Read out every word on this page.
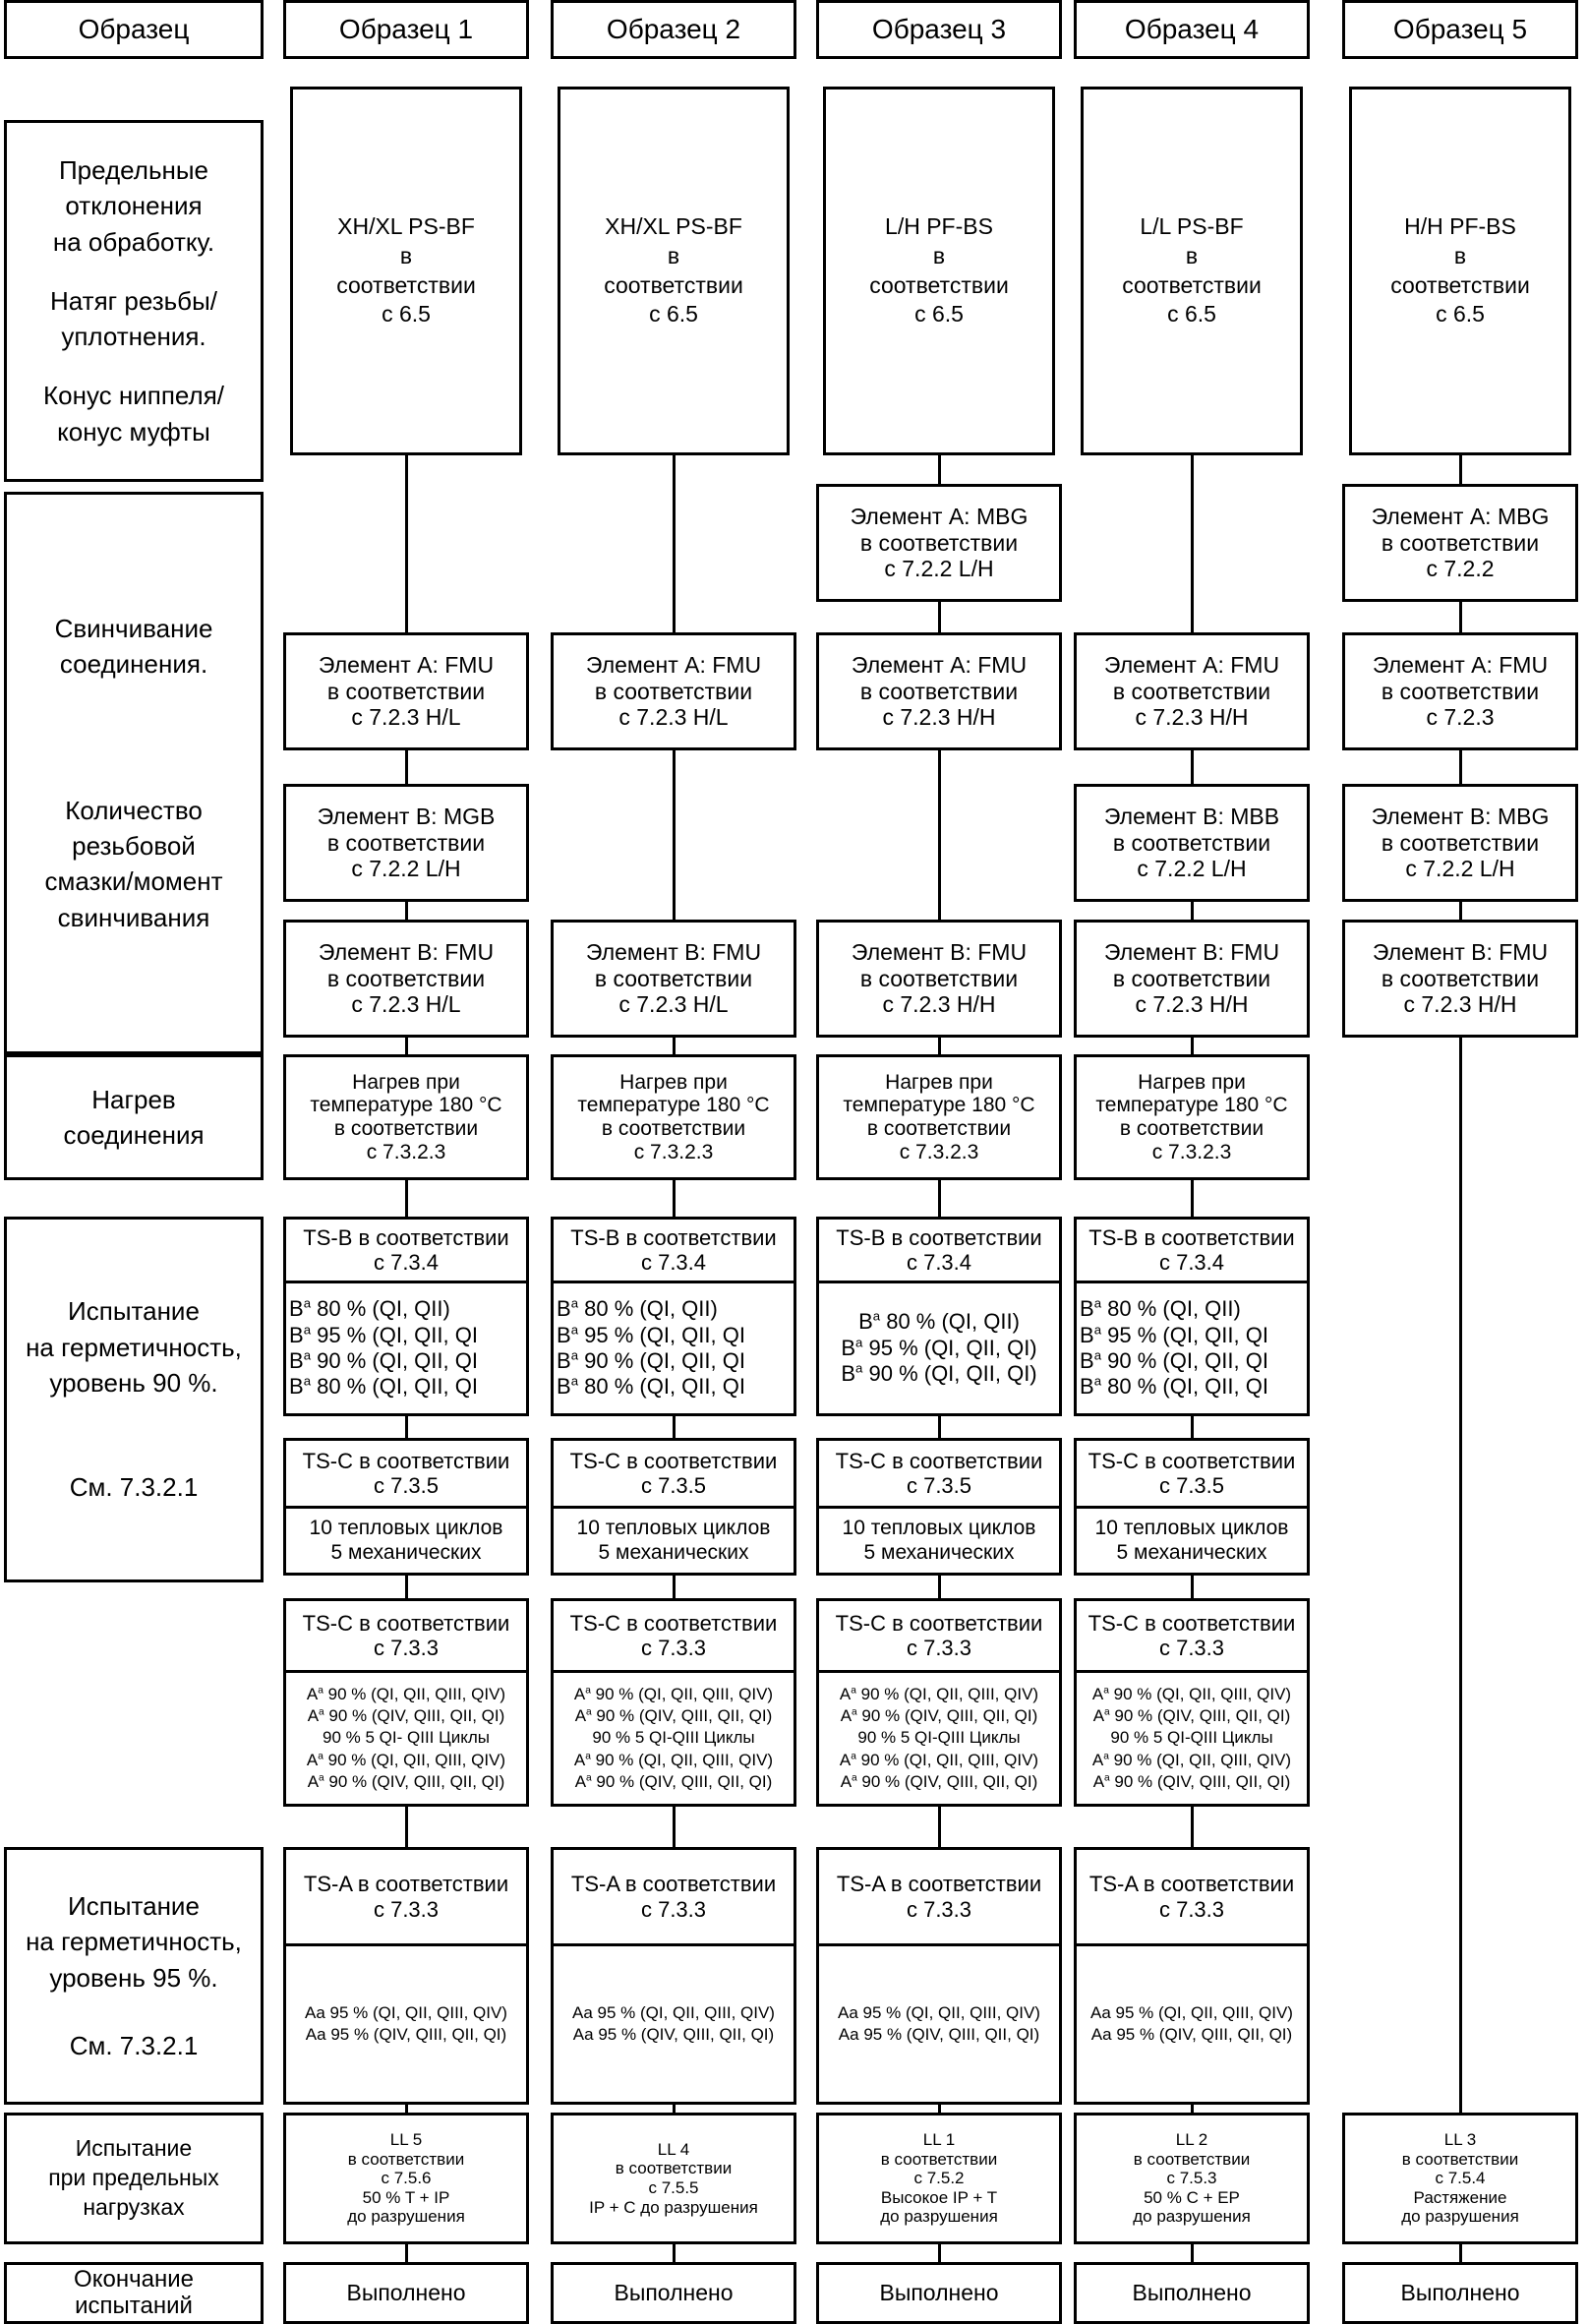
Образец	Образец 1	Образец 2	Образец 3	Образец 4	Образец 5
Предельные
отклонения
на обработку.
Натяг резьбы/
уплотнения.
Конус ниппеля/
конус муфты
Свинчивание
соединения.
Количество
резьбовой
смазки/момент
свинчивания
Нагрев
соединения
Испытание
на герметичность,
уровень 90 %.
См. 7.3.2.1
Испытание
на герметичность,
уровень 95 %.
См. 7.3.2.1
Испытание
при предельных
нагрузках
Окончание
испытаний
XH/XL PS-BF
в
соответствии
с 6.5
Элемент A: FMU
в соответствии
с 7.2.3 H/L
Элемент B: MGB
в соответствии
с 7.2.2 L/H
Элемент B: FMU
в соответствии
с 7.2.3 H/L
Нагрев при
температуре 180 °C
в соответствии
с 7.3.2.3
TS-B в соответствии
с 7.3.4
$B^a$ 80 % (QI, QII)
$B^a$ 95 % (QI, QII, QI
$B^a$ 90 % (QI, QII, QI
$B^a$ 80 % (QI, QII, QI
TS-C в соответствии
с 7.3.5
10 тепловых циклов
5 механических
TS-C в соответствии
с 7.3.3
$A^a$ 90 % (QI, QII, QIII, QIV)
$A^a$ 90 % (QIV, QIII, QII, QI)
90 % 5 QI- QIII Циклы
$A^a$ 90 % (QI, QII, QIII, QIV)
$A^a$ 90 % (QIV, QIII, QII, QI)
TS-A в соответствии
с 7.3.3
Aa 95 % (QI, QII, QIII, QIV)
Aa 95 % (QIV, QIII, QII, QI)
LL 5
в соответствии
с 7.5.6
50 % T + IP
до разрушения
Выполнено
XH/XL PS-BF
в
соответствии
с 6.5
Элемент A: FMU
в соответствии
с 7.2.3 H/L
Элемент B: FMU
в соответствии
с 7.2.3 H/L
Нагрев при
температуре 180 °C
в соответствии
с 7.3.2.3
TS-B в соответствии
с 7.3.4
$B^a$ 80 % (QI, QII)
$B^a$ 95 % (QI, QII, QI
$B^a$ 90 % (QI, QII, QI
$B^a$ 80 % (QI, QII, QI
TS-C в соответствии
с 7.3.5
10 тепловых циклов
5 механических
TS-C в соответствии
с 7.3.3
$A^a$ 90 % (QI, QII, QIII, QIV)
$A^a$ 90 % (QIV, QIII, QII, QI)
90 % 5 QI-QIII Циклы
$A^a$ 90 % (QI, QII, QIII, QIV)
$A^a$ 90 % (QIV, QIII, QII, QI)
TS-A в соответствии
с 7.3.3
Aa 95 % (QI, QII, QIII, QIV)
Aa 95 % (QIV, QIII, QII, QI)
LL 4
в соответствии
с 7.5.5
IP + C до разрушения
Выполнено
L/H PF-BS
в
соответствии
с 6.5
Элемент A: MBG
в соответствии
с 7.2.2 L/H
Элемент A: FMU
в соответствии
с 7.2.3 H/H
Элемент B: FMU
в соответствии
с 7.2.3 H/H
Нагрев при
температуре 180 °C
в соответствии
с 7.3.2.3
TS-B в соответствии
с 7.3.4
$B^a$ 80 % (QI, QII)
$B^a$ 95 % (QI, QII, QI)
$B^a$ 90 % (QI, QII, QI)
TS-C в соответствии
с 7.3.5
10 тепловых циклов
5 механических
TS-C в соответствии
с 7.3.3
$A^a$ 90 % (QI, QII, QIII, QIV)
$A^a$ 90 % (QIV, QIII, QII, QI)
90 % 5 QI-QIII Циклы
$A^a$ 90 % (QI, QII, QIII, QIV)
$A^a$ 90 % (QIV, QIII, QII, QI)
TS-A в соответствии
с 7.3.3
Aa 95 % (QI, QII, QIII, QIV)
Aa 95 % (QIV, QIII, QII, QI)
LL 1
в соответствии
с 7.5.2
Высокое IP + T
до разрушения
Выполнено
L/L PS-BF
в
соответствии
с 6.5
Элемент A: FMU
в соответствии
с 7.2.3 H/H
Элемент B: MBB
в соответствии
с 7.2.2 L/H
Элемент B: FMU
в соответствии
с 7.2.3 H/H
Нагрев при
температуре 180 °C
в соответствии
с 7.3.2.3
TS-B в соответствии
с 7.3.4
$B^a$ 80 % (QI, QII)
$B^a$ 95 % (QI, QII, QI
$B^a$ 90 % (QI, QII, QI
$B^a$ 80 % (QI, QII, QI
TS-C в соответствии
с 7.3.5
10 тепловых циклов
5 механических
TS-C в соответствии
с 7.3.3
$A^a$ 90 % (QI, QII, QIII, QIV)
$A^a$ 90 % (QIV, QIII, QII, QI)
90 % 5 QI-QIII Циклы
$A^a$ 90 % (QI, QII, QIII, QIV)
$A^a$ 90 % (QIV, QIII, QII, QI)
TS-A в соответствии
с 7.3.3
Aa 95 % (QI, QII, QIII, QIV)
Aa 95 % (QIV, QIII, QII, QI)
LL 2
в соответствии
с 7.5.3
50 % C + EP
до разрушения
Выполнено
H/H PF-BS
в
соответствии
с 6.5
Элемент A: MBG
в соответствии
с 7.2.2
Элемент A: FMU
в соответствии
с 7.2.3
Элемент B: MBG
в соответствии
с 7.2.2 L/H
Элемент B: FMU
в соответствии
с 7.2.3 H/H
LL 3
в соответствии
с 7.5.4
Растяжение
до разрушения
Выполнено
